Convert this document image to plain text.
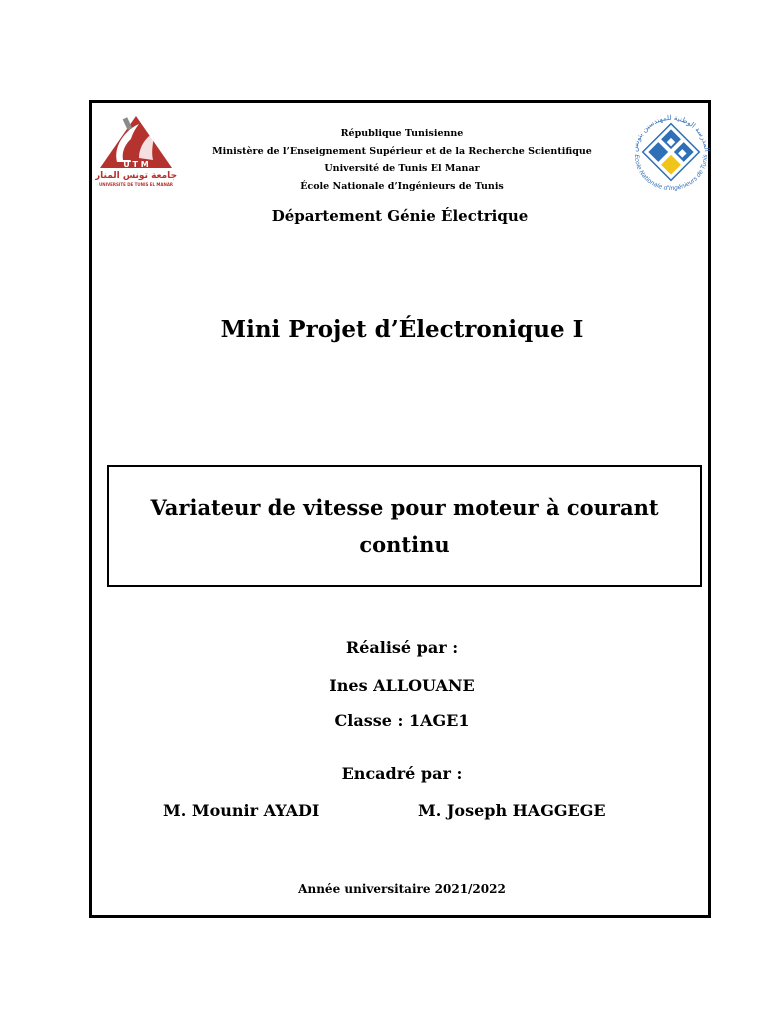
U T M
جامعة تونس المنار
UNIVERSITE DE TUNIS EL MANAR
المدرسة الوطنية للمهندسين بتونس
Ecole Nationale d'Ingénieurs de Tunis
République Tunisienne
Ministère de l’Enseignement Supérieur et de la Recherche Scientifique
Université de Tunis El Manar
École Nationale d’Ingénieurs de Tunis
Département Génie Électrique
Mini Projet d’Électronique I
Variateur de vitesse pour moteur à courant continu
Réalisé par :
Ines ALLOUANE
Classe : 1AGE1
Encadré par :
M. Mounir AYADI	M. Joseph HAGGEGE
Année universitaire 2021/2022
